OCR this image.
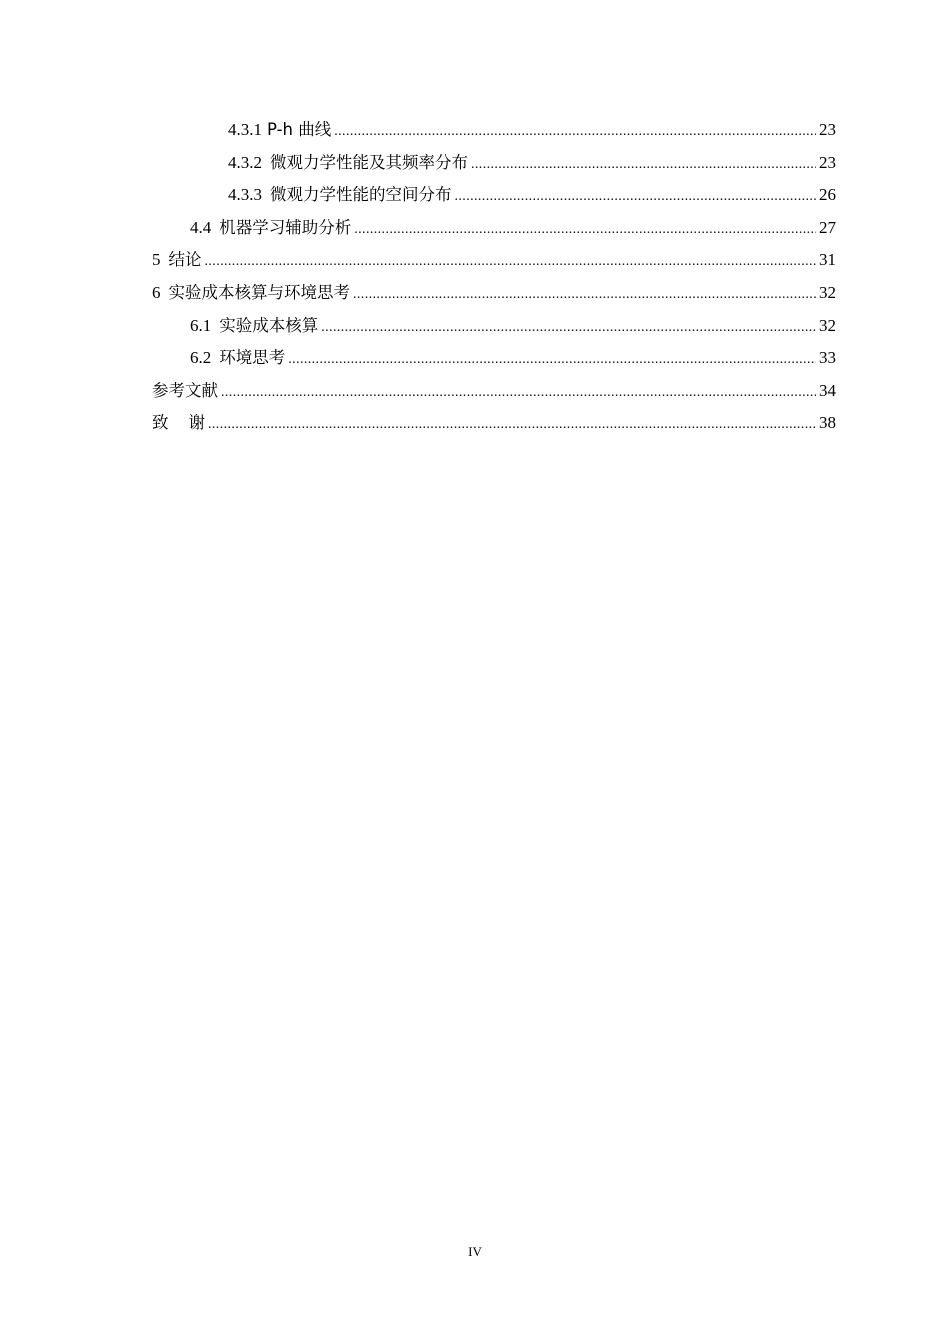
4.3.1 P-h 曲线 .....	23
4.3.2 微观力学性能及其频率分布 .....	23
4.3.3 微观力学性能的空间分布 .....	26
4.4 机器学习辅助分析 .....	27
5 结论 .....	31
6 实验成本核算与环境思考 .....	32
6.1 实验成本核算 .....	32
6.2 环境思考 .....	33
参考文献 .....	34
致谢 .....	38
IV
